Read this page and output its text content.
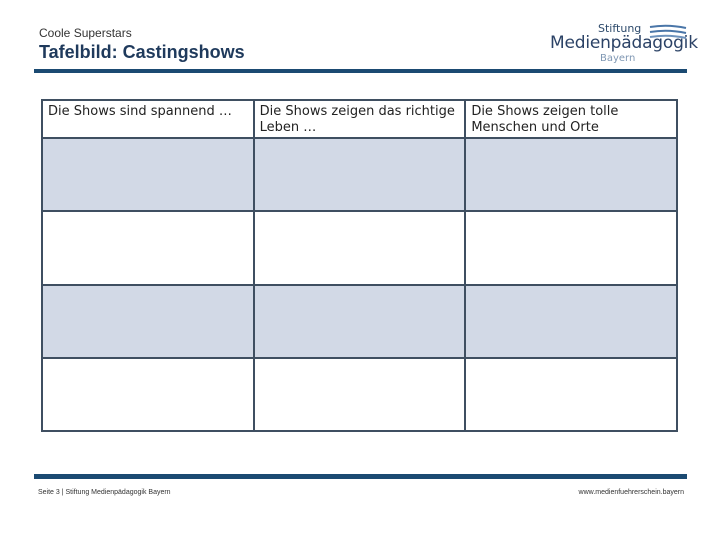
Coole Superstars
Tafelbild: Castingshows
Stiftung
Medienpädagogik
Bayern
Die Shows sind spannend …	Die Shows zeigen das richtige Leben …	Die Shows zeigen tolle Menschen und Orte

Seite 3 | Stiftung Medienpädagogik Bayern	www.medienfuehrerschein.bayern
